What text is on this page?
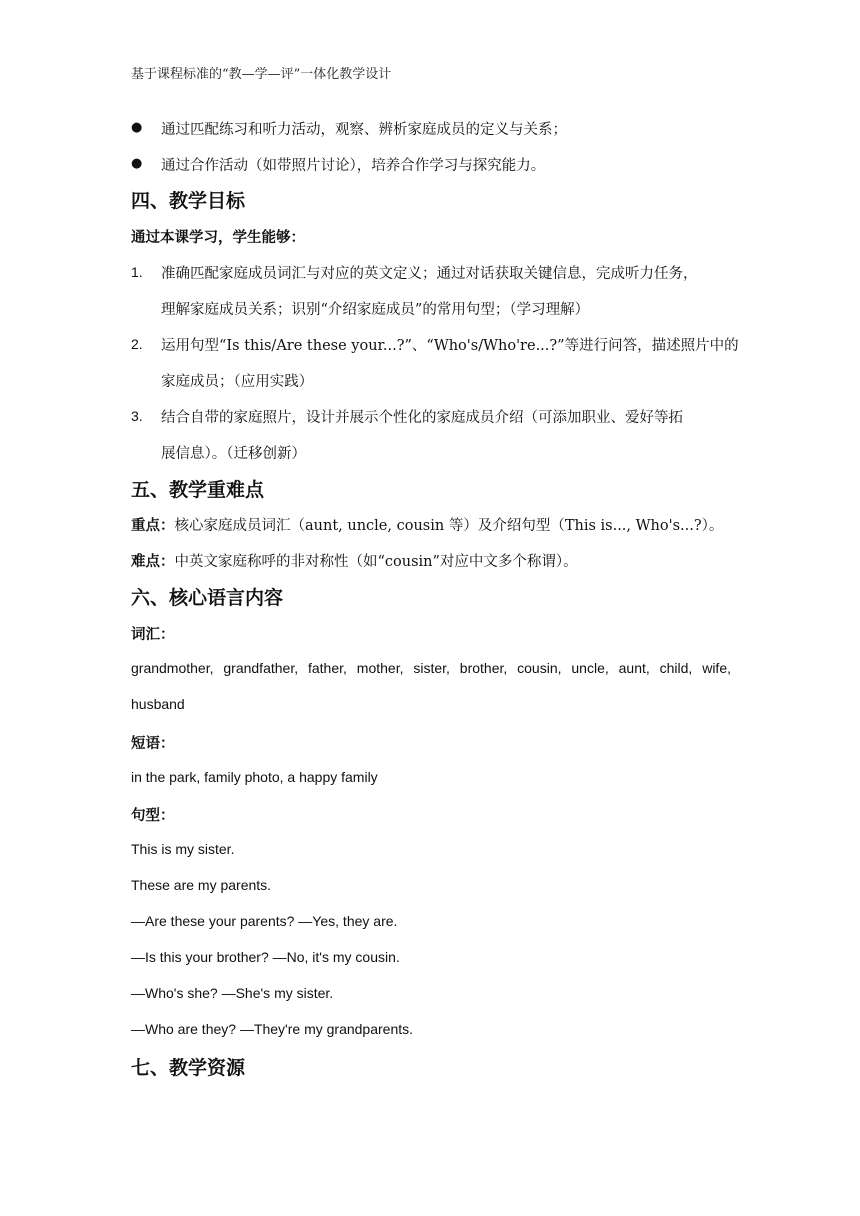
基于课程标准的“教—学—评”一体化教学设计
● 通过匹配练习和听力活动，观察、辨析家庭成员的定义与关系；
● 通过合作活动（如带照片讨论），培养合作学习与探究能力。
四、教学目标
通过本课学习，学生能够：
1. 准确匹配家庭成员词汇与对应的英文定义；通过对话获取关键信息，完成听力任务，
理解家庭成员关系；识别“介绍家庭成员”的常用句型；（学习理解）
2. 运用句型“Is this/Are these your...?”、“Who's/Who're...?”等进行问答，描述照片中的
家庭成员；（应用实践）
3. 结合自带的家庭照片，设计并展示个性化的家庭成员介绍（可添加职业、爱好等拓
展信息）。（迁移创新）
五、教学重难点
重点：核心家庭成员词汇（aunt, uncle, cousin 等）及介绍句型（This is..., Who's...?）。
难点：中英文家庭称呼的非对称性（如“cousin”对应中文多个称谓）。
六、核心语言内容
词汇：
grandmother, grandfather, father, mother, sister, brother, cousin, uncle, aunt, child, wife,
husband
短语：
in the park, family photo, a happy family
句型：
This is my sister.
These are my parents.
—Are these your parents? —Yes, they are.
—Is this your brother? —No, it's my cousin.
—Who's she? —She's my sister.
—Who are they? —They're my grandparents.
七、教学资源
